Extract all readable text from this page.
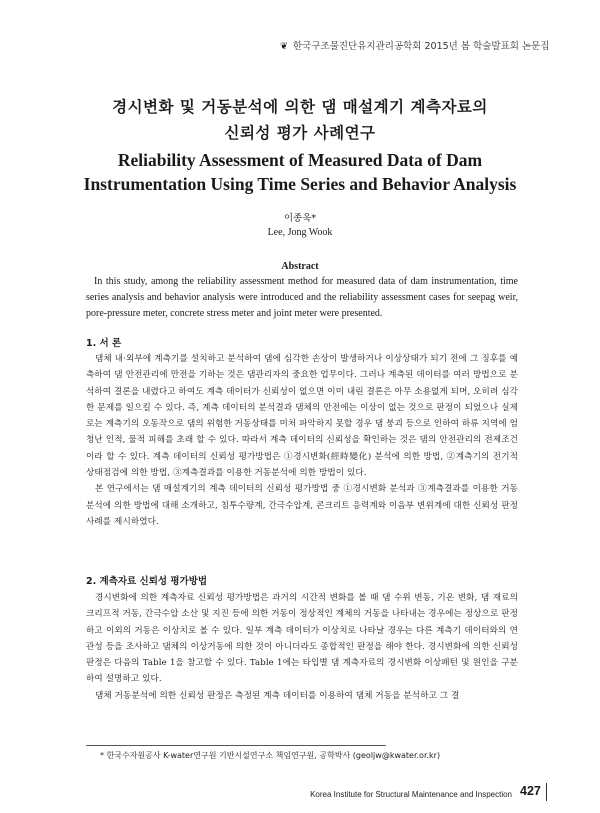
❦ 한국구조물진단유지관리공학회 2015년 봄 학술발표회 논문집
경시변화 및 거동분석에 의한 댐 매설계기 계측자료의
신뢰성 평가 사례연구
Reliability Assessment of Measured Data of Dam
Instrumentation Using Time Series and Behavior Analysis
이종욱*
Lee, Jong Wook
Abstract

In this study, among the reliability assessment method for measured data of dam instrumentation, time series analysis and behavior analysis were introduced and the reliability assessment cases for seepag weir, pore-pressure meter, concrete stress meter and joint meter were presented.

1. 서 론

댐체 내·외부에 계측기를 설치하고 분석하여 댐에 심각한 손상이 발생하거나 이상상태가 되기 전에 그 징후를 예측하여 댐 안전관리에 만전을 기하는 것은 댐관리자의 중요한 업무이다. 그러나 계측된 데이터를 여러 방법으로 분석하여 결론을 내렸다고 하여도 계측 데이터가 신뢰성이 없으면 이미 내린 결론은 아무 소용없게 되며, 오히려 심각한 문제를 일으킬 수 있다. 즉, 계측 데이터의 분석결과 댐체의 안전에는 이상이 없는 것으로 판정이 되었으나 실제로는 계측기의 오동작으로 댐의 위험한 거동상태를 미처 파악하지 못할 경우 댐 붕괴 등으로 인하여 하류 지역에 엄청난 인적, 물적 피해를 초래 할 수 있다. 따라서 계측 데이터의 신뢰성을 확인하는 것은 댐의 안전관리의 전제조건이라 할 수 있다. 계측 데이터의 신뢰성 평가방법은 ①경시변화(經時變化) 분석에 의한 방법, ②계측기의 전기적 상태점검에 의한 방법, ③계측결과를 이용한 거동분석에 의한 방법이 있다.

본 연구에서는 댐 매설계기의 계측 데이터의 신뢰성 평가방법 중 ①경시변화 분석과 ③계측결과를 이용한 거동분석에 의한 방법에 대해 소개하고, 침투수량계, 간극수압계, 콘크리트 응력계와 이음부 변위계에 대한 신뢰성 판정 사례를 제시하였다.

2. 계측자료 신뢰성 평가방법

경시변화에 의한 계측자료 신뢰성 평가방법은 과거의 시간적 변화를 볼 때 댐 수위 변동, 기온 변화, 댐 재료의 크리프적 거동, 간극수압 소산 및 지진 등에 의한 거동이 정상적인 계체의 거동을 나타내는 경우에는 정상으로 판정하고 이외의 거동은 이상치로 볼 수 있다. 일부 계측 데이터가 이상치로 나타날 경우는 다른 계측기 데이터와의 연관성 등을 조사하고 댐체의 이상거동에 의한 것이 아니더라도 종합적인 판정을 해야 한다. 경시변화에 의한 신뢰성 판정은 다음의 Table 1을 참고할 수 있다. Table 1에는 타입별 댐 계측자료의 경시변화 이상패턴 및 원인을 구분하여 설명하고 있다.

댐체 거동분석에 의한 신뢰성 판정은 측정된 계측 데이터를 이용하여 댐체 거동을 분석하고 그 결

* 한국수자원공사 K-water연구원 기반시설연구소 책임연구원, 공학박사 (geoljw@kwater.or.kr)
Korea Institute for Structural Maintenance and Inspection 427
